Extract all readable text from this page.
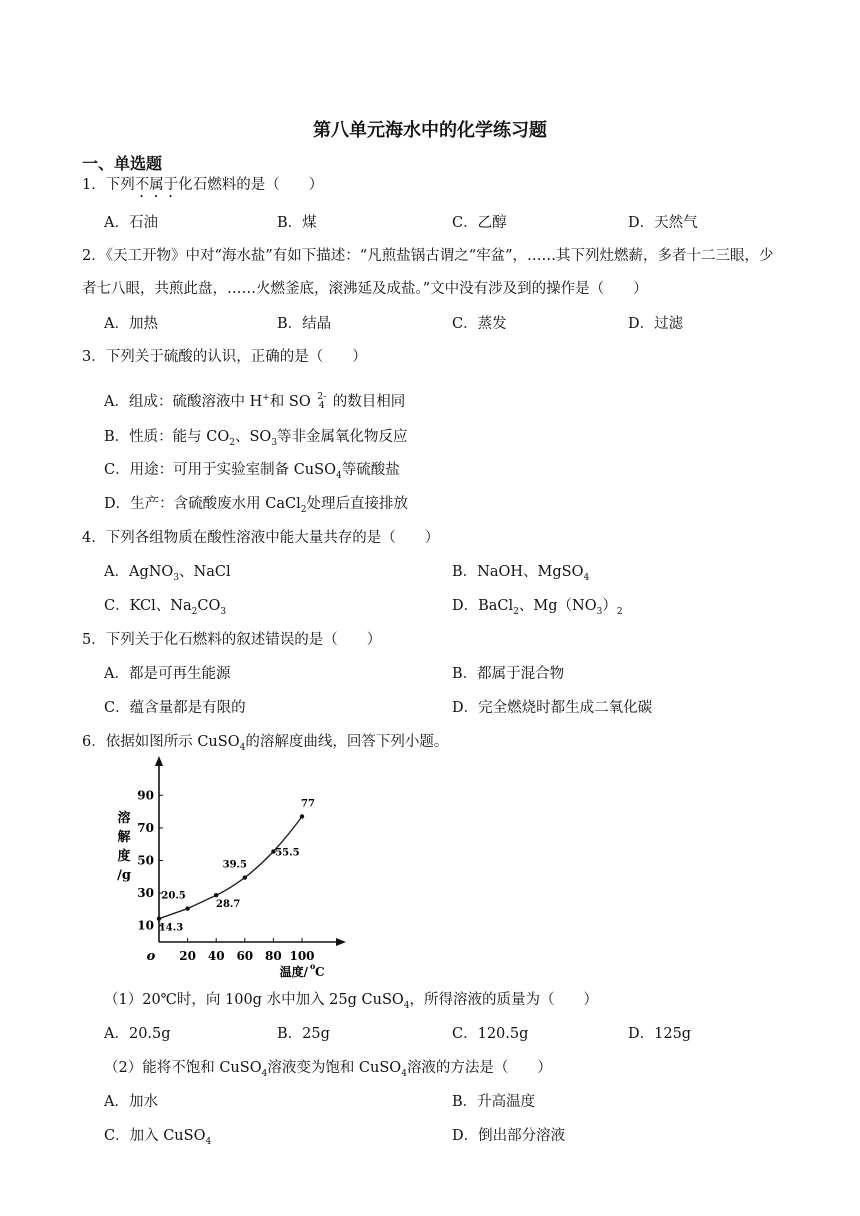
第八单元海水中的化学练习题
一、单选题
1．下列不属于化石燃料的是（　　）
A．石油	B．煤	C．乙醇	D．天然气
2．《天工开物》中对“海水盐”有如下描述：“凡煎盐锅古谓之“牢盆”，……其下列灶燃薪，多者十二三眼，少者七八眼，共煎此盘，……火燃釜底，滚沸延及成盐。”文中没有涉及到的操作是（　　）
A．加热	B．结晶	C．蒸发	D．过滤
3．下列关于硫酸的认识，正确的是（　　）
A．组成：硫酸溶液中 H+和 SO 2-
4 的数目相同
B．性质：能与 $CO_2$、$SO_3$等非金属氧化物反应
C．用途：可用于实验室制备 CuSO$_4$等硫酸盐
D．生产：含硫酸废水用 CaCl$_2$处理后直接排放
4．下列各组物质在酸性溶液中能大量共存的是（　　）
A．AgNO$_3$、NaCl	B．NaOH、MgSO$_4$
C．KCl、$Na_2CO_3$	D．BaCl$_2$、$Mg(NO_3)_2$
5．下列关于化石燃料的叙述错误的是（　　）
A．都是可再生能源	B．都属于混合物
C．蕴含量都是有限的	D．完全燃烧时都生成二氧化碳
6．依据如图所示 CuSO$_4$的溶解度曲线，回答下列小题。
10
30
50
70
90
20 40 60 80 100
o
溶
解
度
/g
温度/ o C
14.3
20.5
28.7
39.5
55.5
77
（1）20℃时，向 100g 水中加入 25g CuSO$_4$，所得溶液的质量为（　　）
A．20.5g	B．25g	C．120.5g	D．125g
（2）能将不饱和 CuSO$_4$溶液变为饱和 CuSO$_4$溶液的方法是（　　）
A．加水	B．升高温度
C．加入 CuSO$_4$	D．倒出部分溶液
